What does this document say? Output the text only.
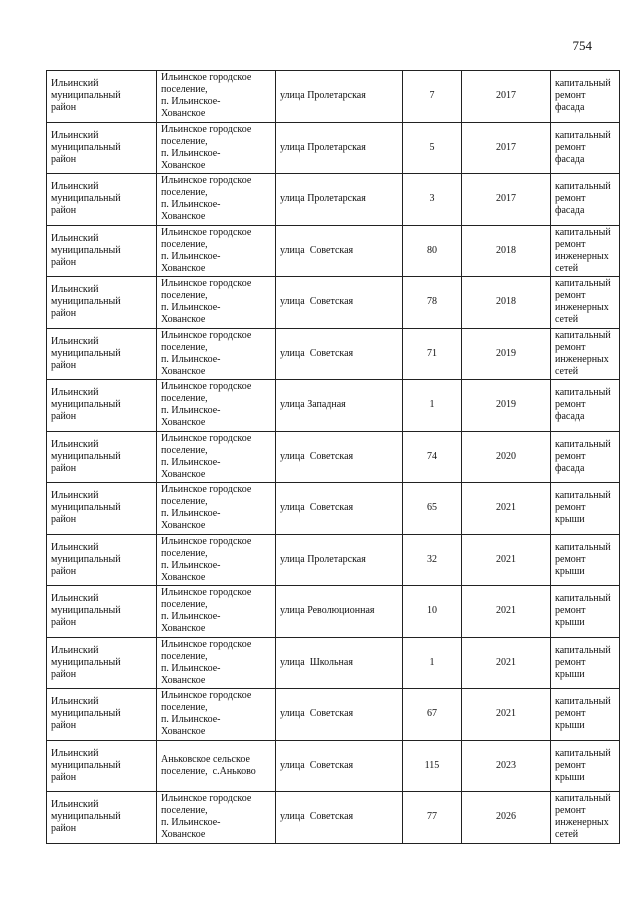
754
Ильинский
муниципальный
район	Ильинское городское
поселение,
п. Ильинское-
Хованское	улица Пролетарская	7	2017	капитальный
ремонт фасада
Ильинский
муниципальный
район	Ильинское городское
поселение,
п. Ильинское-
Хованское	улица Пролетарская	5	2017	капитальный
ремонт фасада
Ильинский
муниципальный
район	Ильинское городское
поселение,
п. Ильинское-
Хованское	улица Пролетарская	3	2017	капитальный
ремонт фасада
Ильинский
муниципальный
район	Ильинское городское
поселение,
п. Ильинское-
Хованское	улица  Советская	80	2018	капитальный
ремонт
инженерных
сетей
Ильинский
муниципальный
район	Ильинское городское
поселение,
п. Ильинское-
Хованское	улица  Советская	78	2018	капитальный
ремонт
инженерных
сетей
Ильинский
муниципальный
район	Ильинское городское
поселение,
п. Ильинское-
Хованское	улица  Советская	71	2019	капитальный
ремонт
инженерных
сетей
Ильинский
муниципальный
район	Ильинское городское
поселение,
п. Ильинское-
Хованское	улица Западная	1	2019	капитальный
ремонт фасада
Ильинский
муниципальный
район	Ильинское городское
поселение,
п. Ильинское-
Хованское	улица  Советская	74	2020	капитальный
ремонт фасада
Ильинский
муниципальный
район	Ильинское городское
поселение,
п. Ильинское-
Хованское	улица  Советская	65	2021	капитальный
ремонт крыши
Ильинский
муниципальный
район	Ильинское городское
поселение,
п. Ильинское-
Хованское	улица Пролетарская	32	2021	капитальный
ремонт крыши
Ильинский
муниципальный
район	Ильинское городское
поселение,
п. Ильинское-
Хованское	улица Революционная	10	2021	капитальный
ремонт крыши
Ильинский
муниципальный
район	Ильинское городское
поселение,
п. Ильинское-
Хованское	улица  Школьная	1	2021	капитальный
ремонт крыши
Ильинский
муниципальный
район	Ильинское городское
поселение,
п. Ильинское-
Хованское	улица  Советская	67	2021	капитальный
ремонт крыши
Ильинский
муниципальный
район	Аньковское сельское
поселение,  с.Аньково	улица  Советская	115	2023	капитальный
ремонт крыши
Ильинский
муниципальный
район	Ильинское городское
поселение,
п. Ильинское-
Хованское	улица  Советская	77	2026	капитальный
ремонт
инженерных
сетей
